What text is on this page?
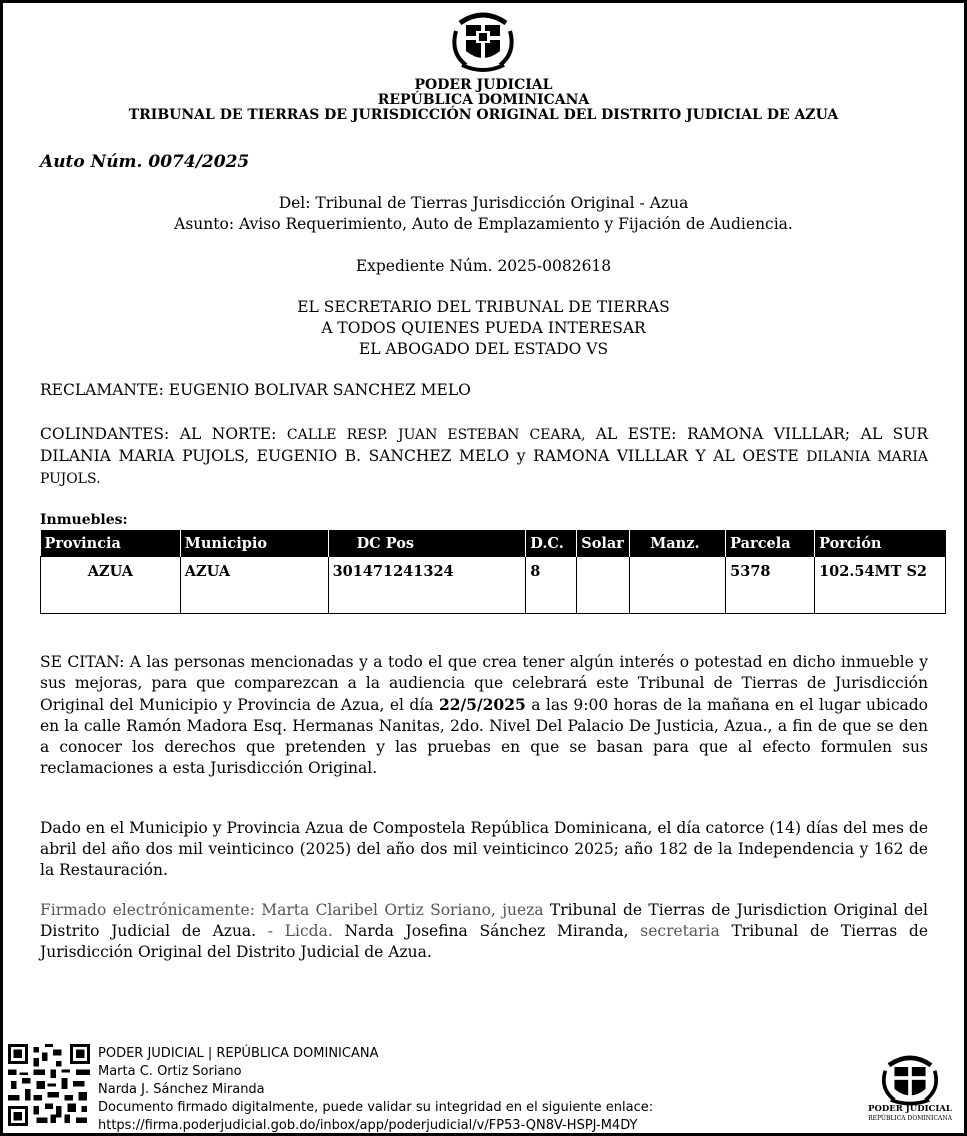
PODER JUDICIAL
REPÚBLICA DOMINICANA
TRIBUNAL DE TIERRAS DE JURISDICCIÓN ORIGINAL DEL DISTRITO JUDICIAL DE AZUA
Auto Núm. 0074/2025
Del: Tribunal de Tierras Jurisdicción Original - Azua
Asunto: Aviso Requerimiento, Auto de Emplazamiento y Fijación de Audiencia.
Expediente Núm. 2025-0082618
EL SECRETARIO DEL TRIBUNAL DE TIERRAS
A TODOS QUIENES PUEDA INTERESAR
EL ABOGADO DEL ESTADO VS
RECLAMANTE: EUGENIO BOLIVAR SANCHEZ MELO
COLINDANTES: AL NORTE: CALLE RESP. JUAN ESTEBAN CEARA, AL ESTE: RAMONA VILLLAR; AL SUR DILANIA MARIA PUJOLS, EUGENIO B. SANCHEZ MELO y RAMONA VILLLAR Y AL OESTE DILANIA MARIA PUJOLS.
Inmuebles:
Provincia	Municipio	DC Pos	D.C.	Solar	Manz.	Parcela	Porción
AZUA	AZUA	301471241324	8			5378	102.54MT S2
SE CITAN: A las personas mencionadas y a todo el que crea tener algún interés o potestad en dicho inmueble y sus mejoras, para que comparezcan a la audiencia que celebrará este Tribunal de Tierras de Jurisdicción Original del Municipio y Provincia de Azua, el día 22/5/2025 a las 9:00 horas de la mañana en el lugar ubicado en la calle Ramón Madora Esq. Hermanas Nanitas, 2do. Nivel Del Palacio De Justicia, Azua., a fin de que se den a conocer los derechos que pretenden y las pruebas en que se basan para que al efecto formulen sus reclamaciones a esta Jurisdicción Original.
Dado en el Municipio y Provincia Azua de Compostela República Dominicana, el día catorce (14) días del mes de abril del año dos mil veinticinco (2025) del año dos mil veinticinco 2025; año 182 de la Independencia y 162 de la Restauración.
Firmado electrónicamente: Marta Claribel Ortiz Soriano, jueza Tribunal de Tierras de Jurisdiction Original del Distrito Judicial de Azua. - Licda. Narda Josefina Sánchez Miranda, secretaria Tribunal de Tierras de Jurisdicción Original del Distrito Judicial de Azua.
PODER JUDICIAL | REPÚBLICA DOMINICANA
Marta C. Ortiz Soriano
Narda J. Sánchez Miranda
Documento firmado digitalmente, puede validar su integridad en el siguiente enlace:
https://firma.poderjudicial.gob.do/inbox/app/poderjudicial/v/FP53-QN8V-HSPJ-M4DY
PODER JUDICIAL
REPÚBLICA DOMINICANA
